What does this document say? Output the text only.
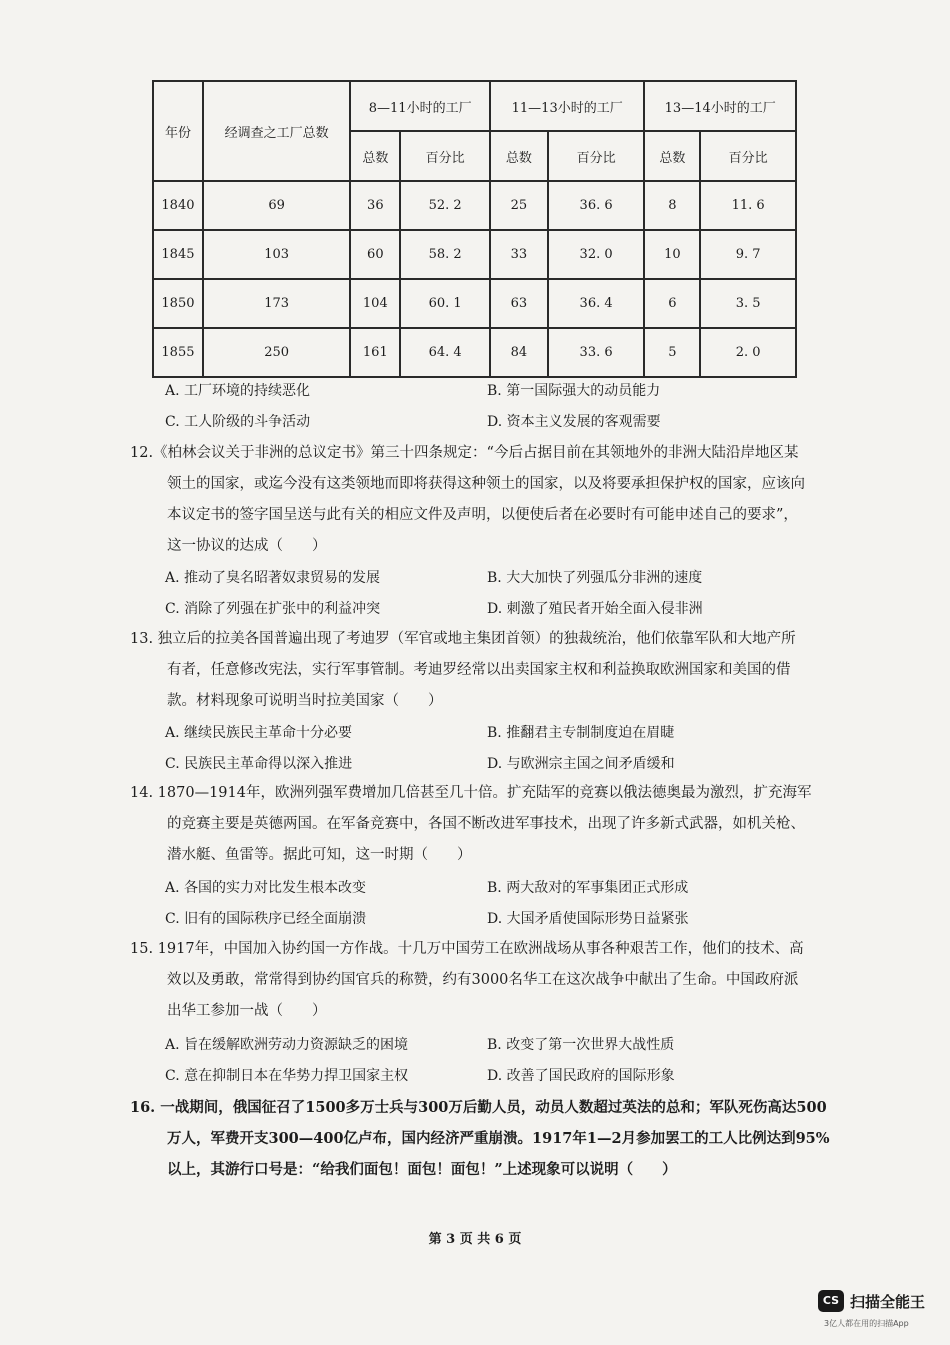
年份	经调查之工厂总数	8—11小时的工厂		11—13小时的工厂		13—14小时的工厂	
		总数	百分比	总数	百分比	总数	百分比
1840	69	36	52. 2	25	36. 6	8	11. 6
1845	103	60	58. 2	33	32. 0	10	9. 7
1850	173	104	60. 1	63	36. 4	6	3. 5
1855	250	161	64. 4	84	33. 6	5	2. 0
A. 工厂环境的持续恶化	B. 第一国际强大的动员能力
C. 工人阶级的斗争活动	D. 资本主义发展的客观需要
12.《柏林会议关于非洲的总议定书》第三十四条规定：“今后占据目前在其领地外的非洲大陆沿岸地区某
领土的国家，或迄今没有这类领地而即将获得这种领土的国家，以及将要承担保护权的国家，应该向
本议定书的签字国呈送与此有关的相应文件及声明，以便使后者在必要时有可能申述自己的要求”，
这一协议的达成（　　）
A. 推动了臭名昭著奴隶贸易的发展	B. 大大加快了列强瓜分非洲的速度
C. 消除了列强在扩张中的利益冲突	D. 刺激了殖民者开始全面入侵非洲
13. 独立后的拉美各国普遍出现了考迪罗（军官或地主集团首领）的独裁统治，他们依靠军队和大地产所
有者，任意修改宪法，实行军事管制。考迪罗经常以出卖国家主权和利益换取欧洲国家和美国的借
款。材料现象可说明当时拉美国家（　　）
A. 继续民族民主革命十分必要	B. 推翻君主专制制度迫在眉睫
C. 民族民主革命得以深入推进	D. 与欧洲宗主国之间矛盾缓和
14. 1870—1914年，欧洲列强军费增加几倍甚至几十倍。扩充陆军的竞赛以俄法德奥最为激烈，扩充海军
的竞赛主要是英德两国。在军备竞赛中，各国不断改进军事技术，出现了许多新式武器，如机关枪、
潜水艇、鱼雷等。据此可知，这一时期（　　）
A. 各国的实力对比发生根本改变	B. 两大敌对的军事集团正式形成
C. 旧有的国际秩序已经全面崩溃	D. 大国矛盾使国际形势日益紧张
15. 1917年，中国加入协约国一方作战。十几万中国劳工在欧洲战场从事各种艰苦工作，他们的技术、高
效以及勇敢，常常得到协约国官兵的称赞，约有3000名华工在这次战争中献出了生命。中国政府派
出华工参加一战（　　）
A. 旨在缓解欧洲劳动力资源缺乏的困境	B. 改变了第一次世界大战性质
C. 意在抑制日本在华势力捍卫国家主权	D. 改善了国民政府的国际形象
16. 一战期间，俄国征召了1500多万士兵与300万后勤人员，动员人数超过英法的总和；军队死伤高达500
万人，军费开支300—400亿卢布，国内经济严重崩溃。1917年1—2月参加罢工的工人比例达到95%
以上，其游行口号是：“给我们面包！面包！面包！”上述现象可以说明（　　）
第 3 页 共 6 页
CS 扫描全能王
3亿人都在用的扫描App
